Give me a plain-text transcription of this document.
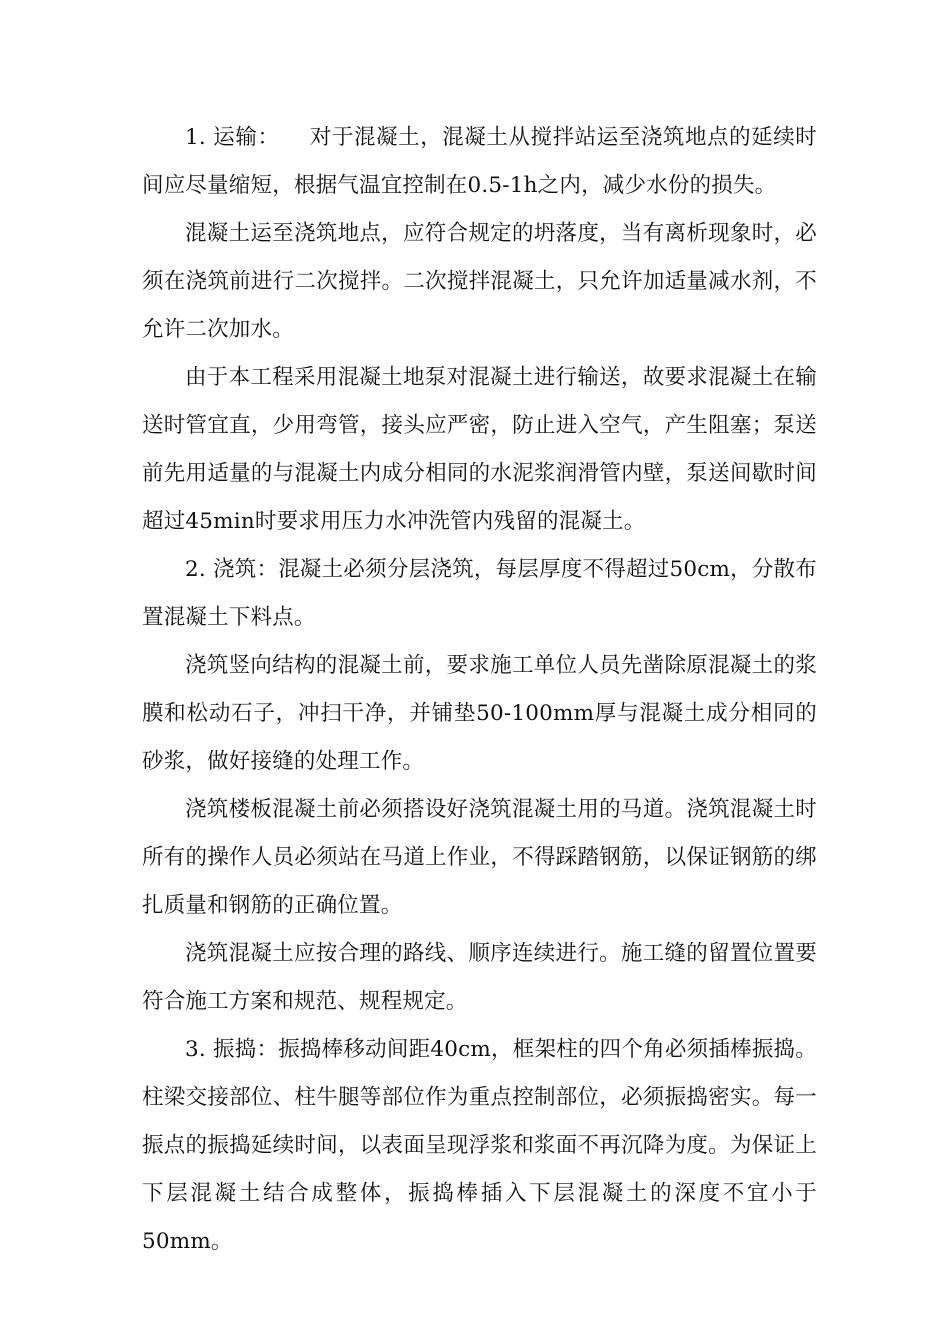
1. 运输： 对于混凝土，混凝土从搅拌站运至浇筑地点的延续时间应尽量缩短，根据气温宜控制在0.5-1h之内，减少水份的损失。

混凝土运至浇筑地点，应符合规定的坍落度，当有离析现象时，必须在浇筑前进行二次搅拌。二次搅拌混凝土，只允许加适量减水剂，不允许二次加水。

由于本工程采用混凝土地泵对混凝土进行输送，故要求混凝土在输送时管宜直，少用弯管，接头应严密，防止进入空气，产生阻塞；泵送前先用适量的与混凝土内成分相同的水泥浆润滑管内壁，泵送间歇时间超过45min时要求用压力水冲洗管内残留的混凝土。

2. 浇筑：混凝土必须分层浇筑，每层厚度不得超过50cm，分散布置混凝土下料点。

浇筑竖向结构的混凝土前，要求施工单位人员先凿除原混凝土的浆膜和松动石子，冲扫干净，并铺垫50-100mm厚与混凝土成分相同的砂浆，做好接缝的处理工作。

浇筑楼板混凝土前必须搭设好浇筑混凝土用的马道。浇筑混凝土时所有的操作人员必须站在马道上作业，不得踩踏钢筋，以保证钢筋的绑扎质量和钢筋的正确位置。

浇筑混凝土应按合理的路线、顺序连续进行。施工缝的留置位置要符合施工方案和规范、规程规定。

3. 振捣：振捣棒移动间距40cm，框架柱的四个角必须插棒振捣。柱梁交接部位、柱牛腿等部位作为重点控制部位，必须振捣密实。每一振点的振捣延续时间，以表面呈现浮浆和浆面不再沉降为度。为保证上下层混凝土结合成整体，振捣棒插入下层混凝土的深度不宜小于50mm。
